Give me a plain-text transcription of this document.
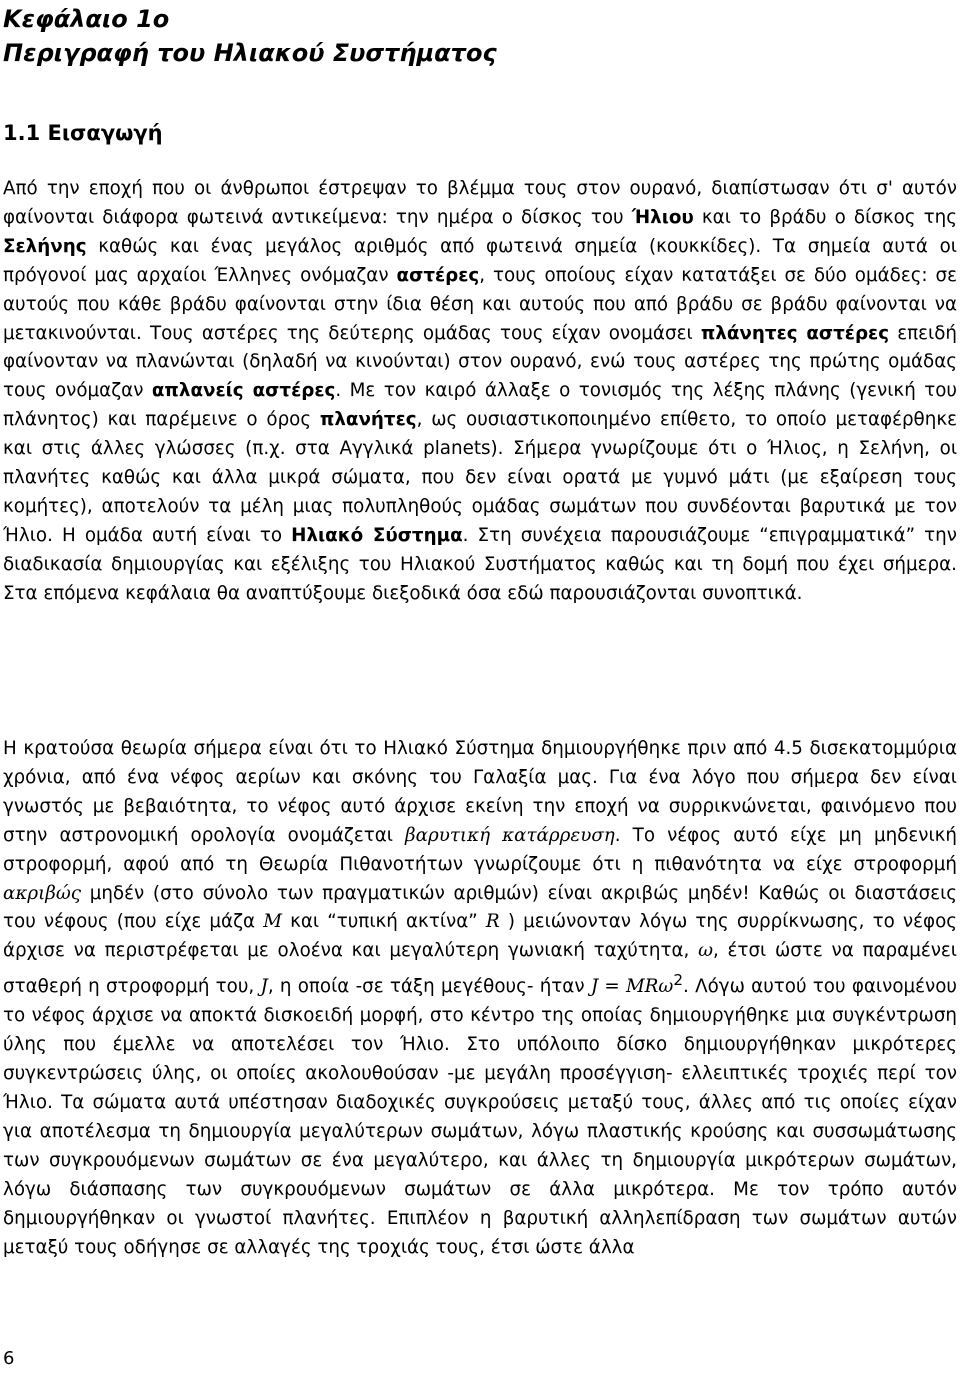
Κεφάλαιο 1ο
Περιγραφή του Ηλιακού Συστήματος
1.1 Εισαγωγή

Από την εποχή που οι άνθρωποι έστρεψαν το βλέμμα τους στον ουρανό, διαπίστωσαν ότι σ' αυτόν φαίνονται διάφορα φωτεινά αντικείμενα: την ημέρα ο δίσκος του Ήλιου και το βράδυ ο δίσκος της Σελήνης καθώς και ένας μεγάλος αριθμός από φωτεινά σημεία (κουκκίδες). Τα σημεία αυτά οι πρόγονοί μας αρχαίοι Έλληνες ονόμαζαν αστέρες, τους οποίους είχαν κατατάξει σε δύο ομάδες: σε αυτούς που κάθε βράδυ φαίνονται στην ίδια θέση και αυτούς που από βράδυ σε βράδυ φαίνονται να μετακινούνται. Τους αστέρες της δεύτερης ομάδας τους είχαν ονομάσει πλάνητες αστέρες επειδή φαίνονταν να πλανώνται (δηλαδή να κινούνται) στον ουρανό, ενώ τους αστέρες της πρώτης ομάδας τους ονόμαζαν απλανείς αστέρες. Με τον καιρό άλλαξε ο τονισμός της λέξης πλάνης (γενική του πλάνητος) και παρέμεινε ο όρος πλανήτες, ως ουσιαστικοποιημένο επίθετο, το οποίο μεταφέρθηκε και στις άλλες γλώσσες (π.χ. στα Αγγλικά planets). Σήμερα γνωρίζουμε ότι ο Ήλιος, η Σελήνη, οι πλανήτες καθώς και άλλα μικρά σώματα, που δεν είναι ορατά με γυμνό μάτι (με εξαίρεση τους κομήτες), αποτελούν τα μέλη μιας πολυπληθούς ομάδας σωμάτων που συνδέονται βαρυτικά με τον Ήλιο. Η ομάδα αυτή είναι το Ηλιακό Σύστημα. Στη συνέχεια παρουσιάζουμε “επιγραμματικά” την διαδικασία δημιουργίας και εξέλιξης του Ηλιακού Συστήματος καθώς και τη δομή που έχει σήμερα. Στα επόμενα κεφάλαια θα αναπτύξουμε διεξοδικά όσα εδώ παρουσιάζονται συνοπτικά.

Η κρατούσα θεωρία σήμερα είναι ότι το Ηλιακό Σύστημα δημιουργήθηκε πριν από 4.5 δισεκατομμύρια χρόνια, από ένα νέφος αερίων και σκόνης του Γαλαξία μας. Για ένα λόγο που σήμερα δεν είναι γνωστός με βεβαιότητα, το νέφος αυτό άρχισε εκείνη την εποχή να συρρικνώνεται, φαινόμενο που στην αστρονομική ορολογία ονομάζεται βαρυτική κατάρρευση. Το νέφος αυτό είχε μη μηδενική στροφορμή, αφού από τη Θεωρία Πιθανοτήτων γνωρίζουμε ότι η πιθανότητα να είχε στροφορμή ακριβώς μηδέν (στο σύνολο των πραγματικών αριθμών) είναι ακριβώς μηδέν! Καθώς οι διαστάσεις του νέφους (που είχε μάζα M και “τυπική ακτίνα” R ) μειώνονταν λόγω της συρρίκνωσης, το νέφος άρχισε να περιστρέφεται με ολοένα και μεγαλύτερη γωνιακή ταχύτητα, ω, έτσι ώστε να παραμένει σταθερή η στροφορμή του, J, η οποία -σε τάξη μεγέθους- ήταν J = MRω$^2$. Λόγω αυτού του φαινομένου το νέφος άρχισε να αποκτά δισκοειδή μορφή, στο κέντρο της οποίας δημιουργήθηκε μια συγκέντρωση ύλης που έμελλε να αποτελέσει τον Ήλιο. Στο υπόλοιπο δίσκο δημιουργήθηκαν μικρότερες συγκεντρώσεις ύλης, οι οποίες ακολουθούσαν -με μεγάλη προσέγγιση- ελλειπτικές τροχιές περί τον Ήλιο. Τα σώματα αυτά υπέστησαν διαδοχικές συγκρούσεις μεταξύ τους, άλλες από τις οποίες είχαν για αποτέλεσμα τη δημιουργία μεγαλύτερων σωμάτων, λόγω πλαστικής κρούσης και συσσωμάτωσης των συγκρουόμενων σωμάτων σε ένα μεγαλύτερο, και άλλες τη δημιουργία μικρότερων σωμάτων, λόγω διάσπασης των συγκρουόμενων σωμάτων σε άλλα μικρότερα. Με τον τρόπο αυτόν δημιουργήθηκαν οι γνωστοί πλανήτες. Επιπλέον η βαρυτική αλληλεπίδραση των σωμάτων αυτών μεταξύ τους οδήγησε σε αλλαγές της τροχιάς τους, έτσι ώστε άλλα

6
